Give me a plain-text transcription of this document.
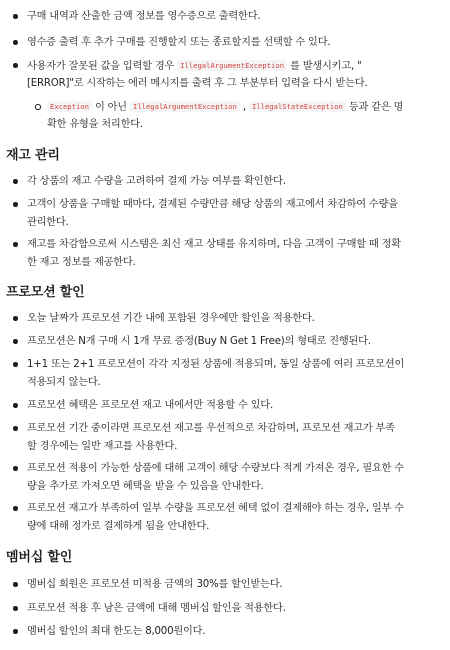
구매 내역과 산출한 금액 정보를 영수증으로 출력한다.

영수증 출력 후 추가 구매를 진행할지 또는 종료할지를 선택할 수 있다.

사용자가 잘못된 값을 입력할 경우 IllegalArgumentException 를 발생시키고, "

[ERROR]"로 시작하는 에러 메시지를 출력 후 그 부분부터 입력을 다시 받는다.

Exception 이 아닌 IllegalArgumentException , IllegalStateException 등과 같은 명

확한 유형을 처리한다.

재고 관리

각 상품의 재고 수량을 고려하여 결제 가능 여부를 확인한다.

고객이 상품을 구매할 때마다, 결제된 수량만큼 해당 상품의 재고에서 차감하여 수량을

관리한다.

재고를 차감함으로써 시스템은 최신 재고 상태를 유지하며, 다음 고객이 구매할 때 정확

한 재고 정보를 제공한다.

프로모션 할인

오늘 날짜가 프로모션 기간 내에 포함된 경우에만 할인을 적용한다.

프로모션은 N개 구매 시 1개 무료 증정(Buy N Get 1 Free)의 형태로 진행된다.

1+1 또는 2+1 프로모션이 각각 지정된 상품에 적용되며, 동일 상품에 여러 프로모션이

적용되지 않는다.

프로모션 혜택은 프로모션 재고 내에서만 적용할 수 있다.

프로모션 기간 중이라면 프로모션 재고를 우선적으로 차감하며, 프로모션 재고가 부족

할 경우에는 일반 재고를 사용한다.

프로모션 적용이 가능한 상품에 대해 고객이 해당 수량보다 적게 가져온 경우, 필요한 수

량을 추가로 가져오면 혜택을 받을 수 있음을 안내한다.

프로모션 재고가 부족하여 일부 수량을 프로모션 혜택 없이 결제해야 하는 경우, 일부 수

량에 대해 정가로 결제하게 됨을 안내한다.

멤버십 할인

멤버십 회원은 프로모션 미적용 금액의 30%를 할인받는다.

프로모션 적용 후 남은 금액에 대해 멤버십 할인을 적용한다.

멤버십 할인의 최대 한도는 8,000원이다.
